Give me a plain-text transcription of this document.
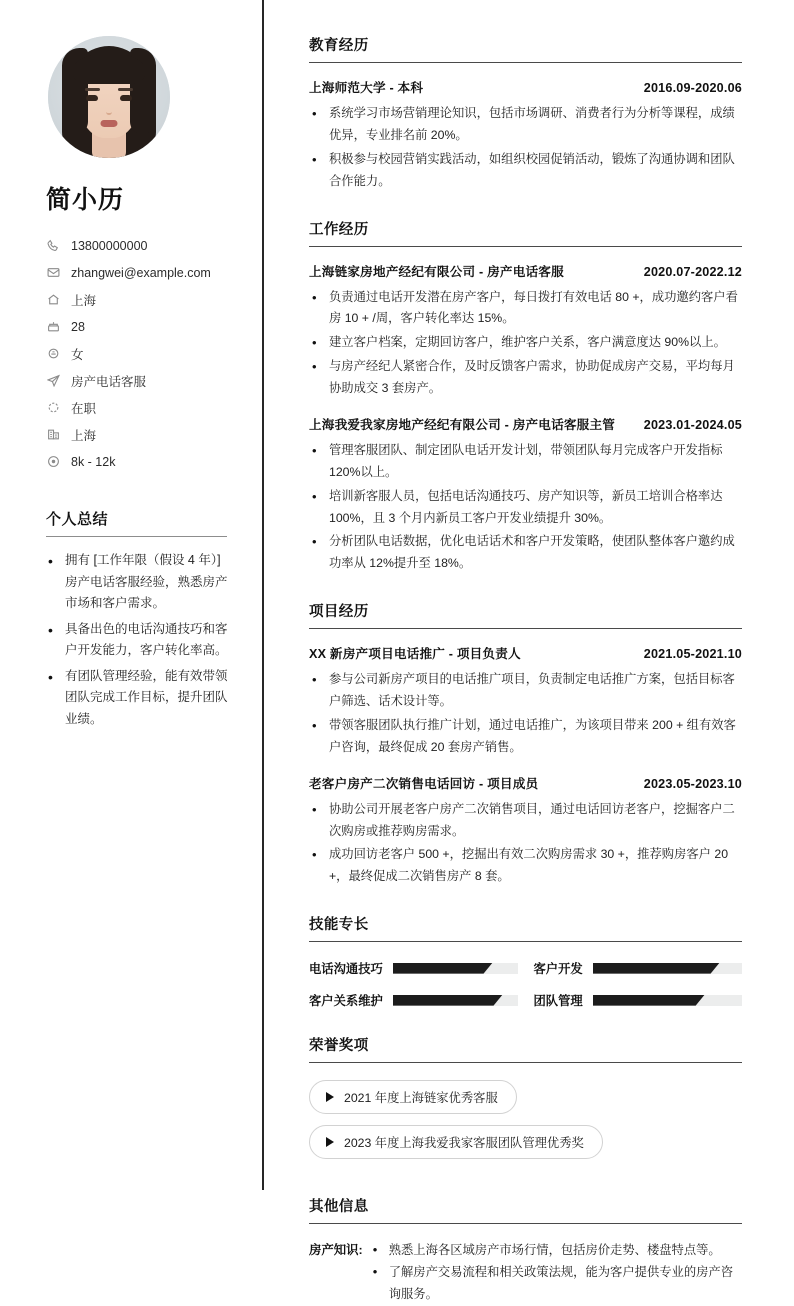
简小历
13800000000
zhangwei@example.com
上海
28
女
房产电话客服
在职
上海
8k - 12k
个人总结
• 拥有 [工作年限（假设 4 年）] 房产电话客服经验，熟悉房产市场和客户需求。
• 具备出色的电话沟通技巧和客户开发能力，客户转化率高。
• 有团队管理经验，能有效带领团队完成工作目标，提升团队业绩。
教育经历
上海师范大学 - 本科	2016.09-2020.06
• 系统学习市场营销理论知识，包括市场调研、消费者行为分析等课程，成绩优异，专业排名前 20%。
• 积极参与校园营销实践活动，如组织校园促销活动，锻炼了沟通协调和团队合作能力。
工作经历
上海链家房地产经纪有限公司 - 房产电话客服	2020.07-2022.12
• 负责通过电话开发潜在房产客户，每日拨打有效电话 80 +，成功邀约客户看房 10 + /周，客户转化率达 15%。
• 建立客户档案，定期回访客户，维护客户关系，客户满意度达 90%以上。
• 与房产经纪人紧密合作，及时反馈客户需求，协助促成房产交易，平均每月协助成交 3 套房产。
上海我爱我家房地产经纪有限公司 - 房产电话客服主管 2023.01-2024.05
• 管理客服团队、制定团队电话开发计划，带领团队每月完成客户开发指标 120%以上。
• 培训新客服人员，包括电话沟通技巧、房产知识等，新员工培训合格率达 100%，且 3 个月内新员工客户开发业绩提升 30%。
• 分析团队电话数据，优化电话话术和客户开发策略，使团队整体客户邀约成功率从 12%提升至 18%。
项目经历
XX 新房产项目电话推广 - 项目负责人	2021.05-2021.10
• 参与公司新房产项目的电话推广项目，负责制定电话推广方案，包括目标客户筛选、话术设计等。
• 带领客服团队执行推广计划，通过电话推广，为该项目带来 200 + 组有效客户咨询，最终促成 20 套房产销售。
老客户房产二次销售电话回访 - 项目成员	2023.05-2023.10
• 协助公司开展老客户房产二次销售项目，通过电话回访老客户，挖掘客户二次购房或推荐购房需求。
• 成功回访老客户 500 +，挖掘出有效二次购房需求 30 +，推荐购房客户 20 +，最终促成二次销售房产 8 套。
技能专长
电话沟通技巧	客户开发
客户关系维护	团队管理
荣誉奖项
2021 年度上海链家优秀客服
2023 年度上海我爱我家客服团队管理优秀奖
其他信息
房产知识:	• 熟悉上海各区域房产市场行情，包括房价走势、楼盘特点等。
• 了解房产交易流程和相关政策法规，能为客户提供专业的房产咨询服务。
